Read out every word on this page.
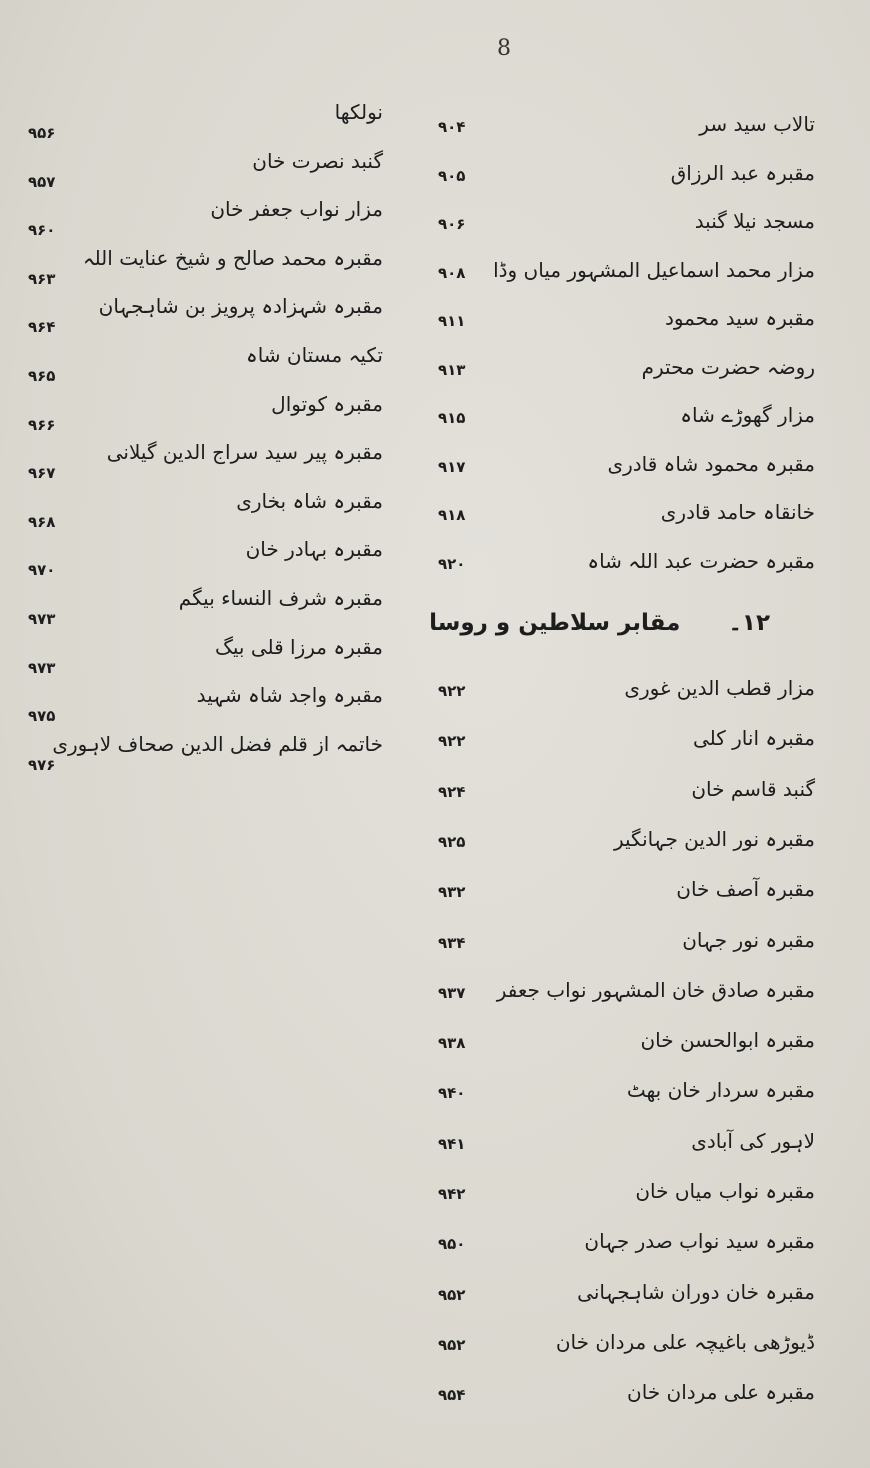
8
۱۲۔ مقابر سلاطین و روسا
تالاب سید سر
۹۰۴
مقبرہ عبد الرزاق
۹۰۵
مسجد نیلا گنبد
۹۰۶
مزار محمد اسماعیل المشہور میاں وڈا
۹۰۸
مقبرہ سید محمود
۹۱۱
روضہ حضرت محترم
۹۱۳
مزار گھوڑے شاہ
۹۱۵
مقبرہ محمود شاہ قادری
۹۱۷
خانقاہ حامد قادری
۹۱۸
مقبرہ حضرت عبد اللہ شاہ
۹۲۰
مزار قطب الدین غوری
۹۲۲
مقبرہ انار کلی
۹۲۲
گنبد قاسم خان
۹۲۴
مقبرہ نور الدین جہانگیر
۹۲۵
مقبرہ آصف خان
۹۳۲
مقبرہ نور جہان
۹۳۴
مقبرہ صادق خان المشہور نواب جعفر
۹۳۷
مقبرہ ابوالحسن خان
۹۳۸
مقبرہ سردار خان بھٹ
۹۴۰
لاہور کی آبادی
۹۴۱
مقبرہ نواب میاں خان
۹۴۲
مقبرہ سید نواب صدر جہان
۹۵۰
مقبرہ خان دوران شاہجہانی
۹۵۲
ڈیوڑھی باغیچہ علی مردان خان
۹۵۲
مقبرہ علی مردان خان
۹۵۴
نولکھا
۹۵۶
گنبد نصرت خان
۹۵۷
مزار نواب جعفر خان
۹۶۰
مقبرہ محمد صالح و شیخ عنایت اللہ
۹۶۳
مقبرہ شہزادہ پرویز بن شاہجہان
۹۶۴
تکیہ مستان شاہ
۹۶۵
مقبرہ کوتوال
۹۶۶
مقبرہ پیر سید سراج الدین گیلانی
۹۶۷
مقبرہ شاہ بخاری
۹۶۸
مقبرہ بہادر خان
۹۷۰
مقبرہ شرف النساء بیگم
۹۷۳
مقبرہ مرزا قلی بیگ
۹۷۳
مقبرہ واجد شاہ شہید
۹۷۵
خاتمہ از قلم فضل الدین صحاف لاہوری
۹۷۶
